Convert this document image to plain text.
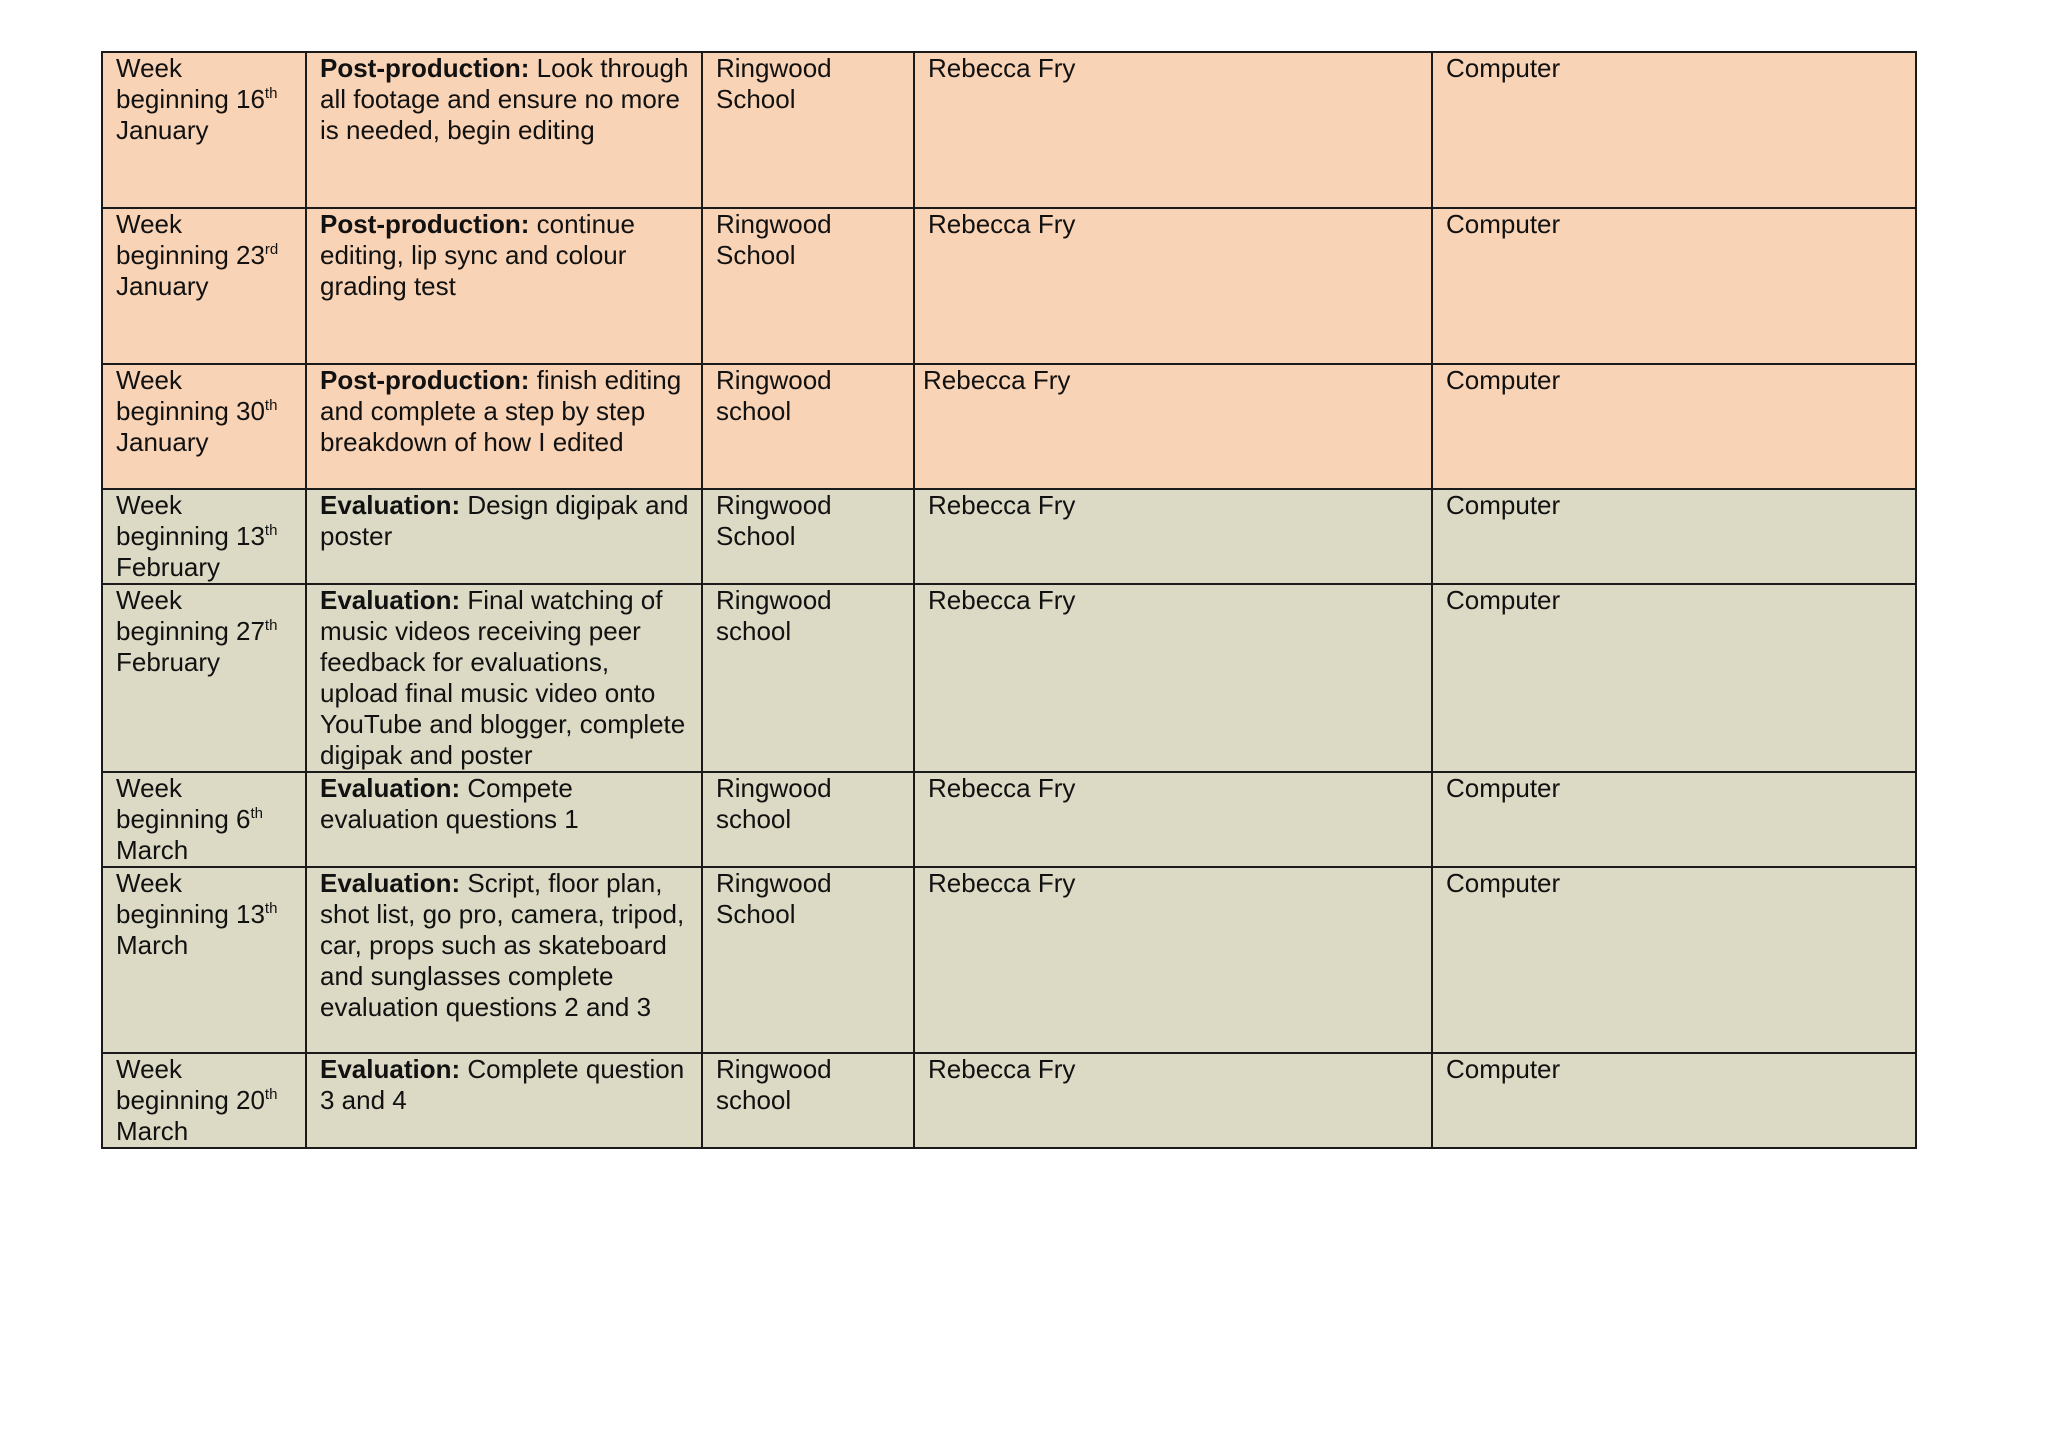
Week
beginning 16th
January	Post-production: Look through all footage and ensure no more is needed, begin editing	Ringwood School	Rebecca Fry	Computer

Week
beginning 23rd
January	Post-production: continue editing, lip sync and colour grading test	Ringwood School	Rebecca Fry	Computer

Week
beginning 30th
January	Post-production: finish editing and complete a step by step breakdown of how I edited	Ringwood school	Rebecca Fry	Computer

Week
beginning 13th
February	Evaluation: Design digipak and poster	Ringwood School	Rebecca Fry	Computer

Week
beginning 27th
February	Evaluation: Final watching of music videos receiving peer feedback for evaluations, upload final music video onto YouTube and blogger, complete digipak and poster	Ringwood school	Rebecca Fry	Computer

Week
beginning 6th
March	Evaluation: Compete evaluation questions 1	Ringwood school	Rebecca Fry	Computer

Week
beginning 13th
March	Evaluation: Script, floor plan, shot list, go pro, camera, tripod, car, props such as skateboard and sunglasses complete evaluation questions 2 and 3	Ringwood School	Rebecca Fry	Computer

Week
beginning 20th
March	Evaluation: Complete question 3 and 4	Ringwood school	Rebecca Fry	Computer
